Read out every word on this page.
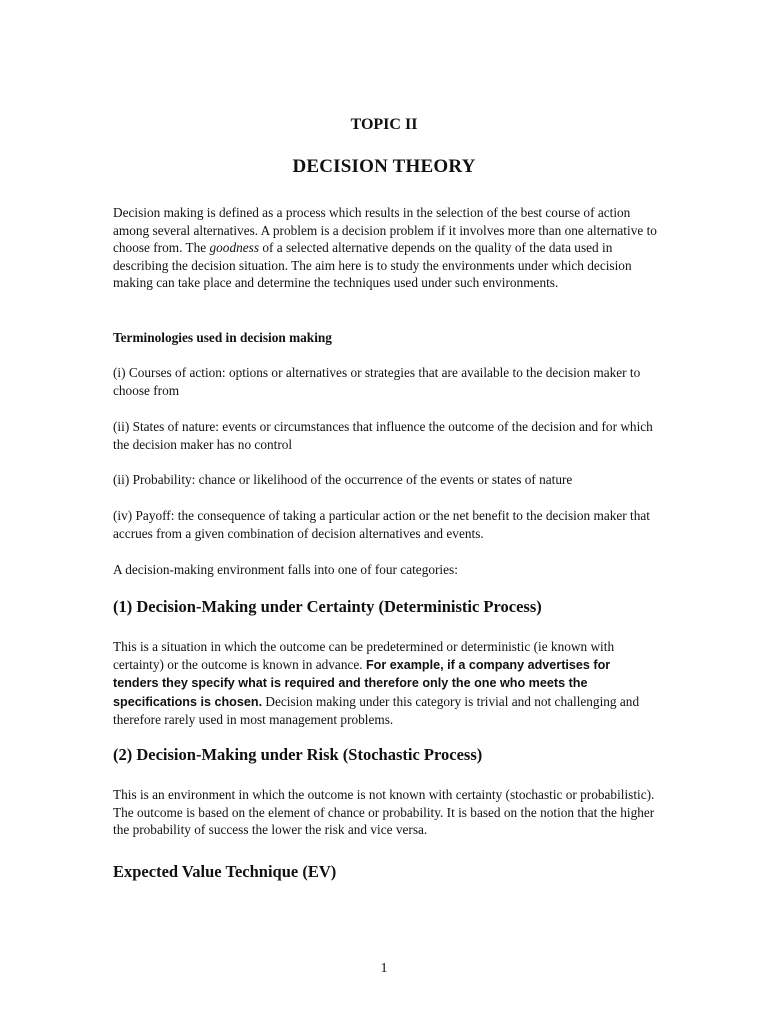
TOPIC II
DECISION THEORY

Decision making is defined as a process which results in the selection of the best course of action among several alternatives. A problem is a decision problem if it involves more than one alternative to choose from. The goodness of a selected alternative depends on the quality of the data used in describing the decision situation. The aim here is to study the environments under which decision making can take place and determine the techniques used under such environments.

Terminologies used in decision making

(i) Courses of action: options or alternatives or strategies that are available to the decision maker to choose from

(ii) States of nature: events or circumstances that influence the outcome of the decision and for which the decision maker has no control

(ii) Probability: chance or likelihood of the occurrence of the events or states of nature

(iv) Payoff: the consequence of taking a particular action or the net benefit to the decision maker that accrues from a given combination of decision alternatives and events.

A decision-making environment falls into one of four categories:

(1) Decision-Making under Certainty (Deterministic Process)

This is a situation in which the outcome can be predetermined or deterministic (ie known with certainty) or the outcome is known in advance. For example, if a company advertises for tenders they specify what is required and therefore only the one who meets the specifications is chosen. Decision making under this category is trivial and not challenging and therefore rarely used in most management problems.

(2) Decision-Making under Risk (Stochastic Process)

This is an environment in which the outcome is not known with certainty (stochastic or probabilistic). The outcome is based on the element of chance or probability. It is based on the notion that the higher the probability of success the lower the risk and vice versa.

Expected Value Technique (EV)
1
